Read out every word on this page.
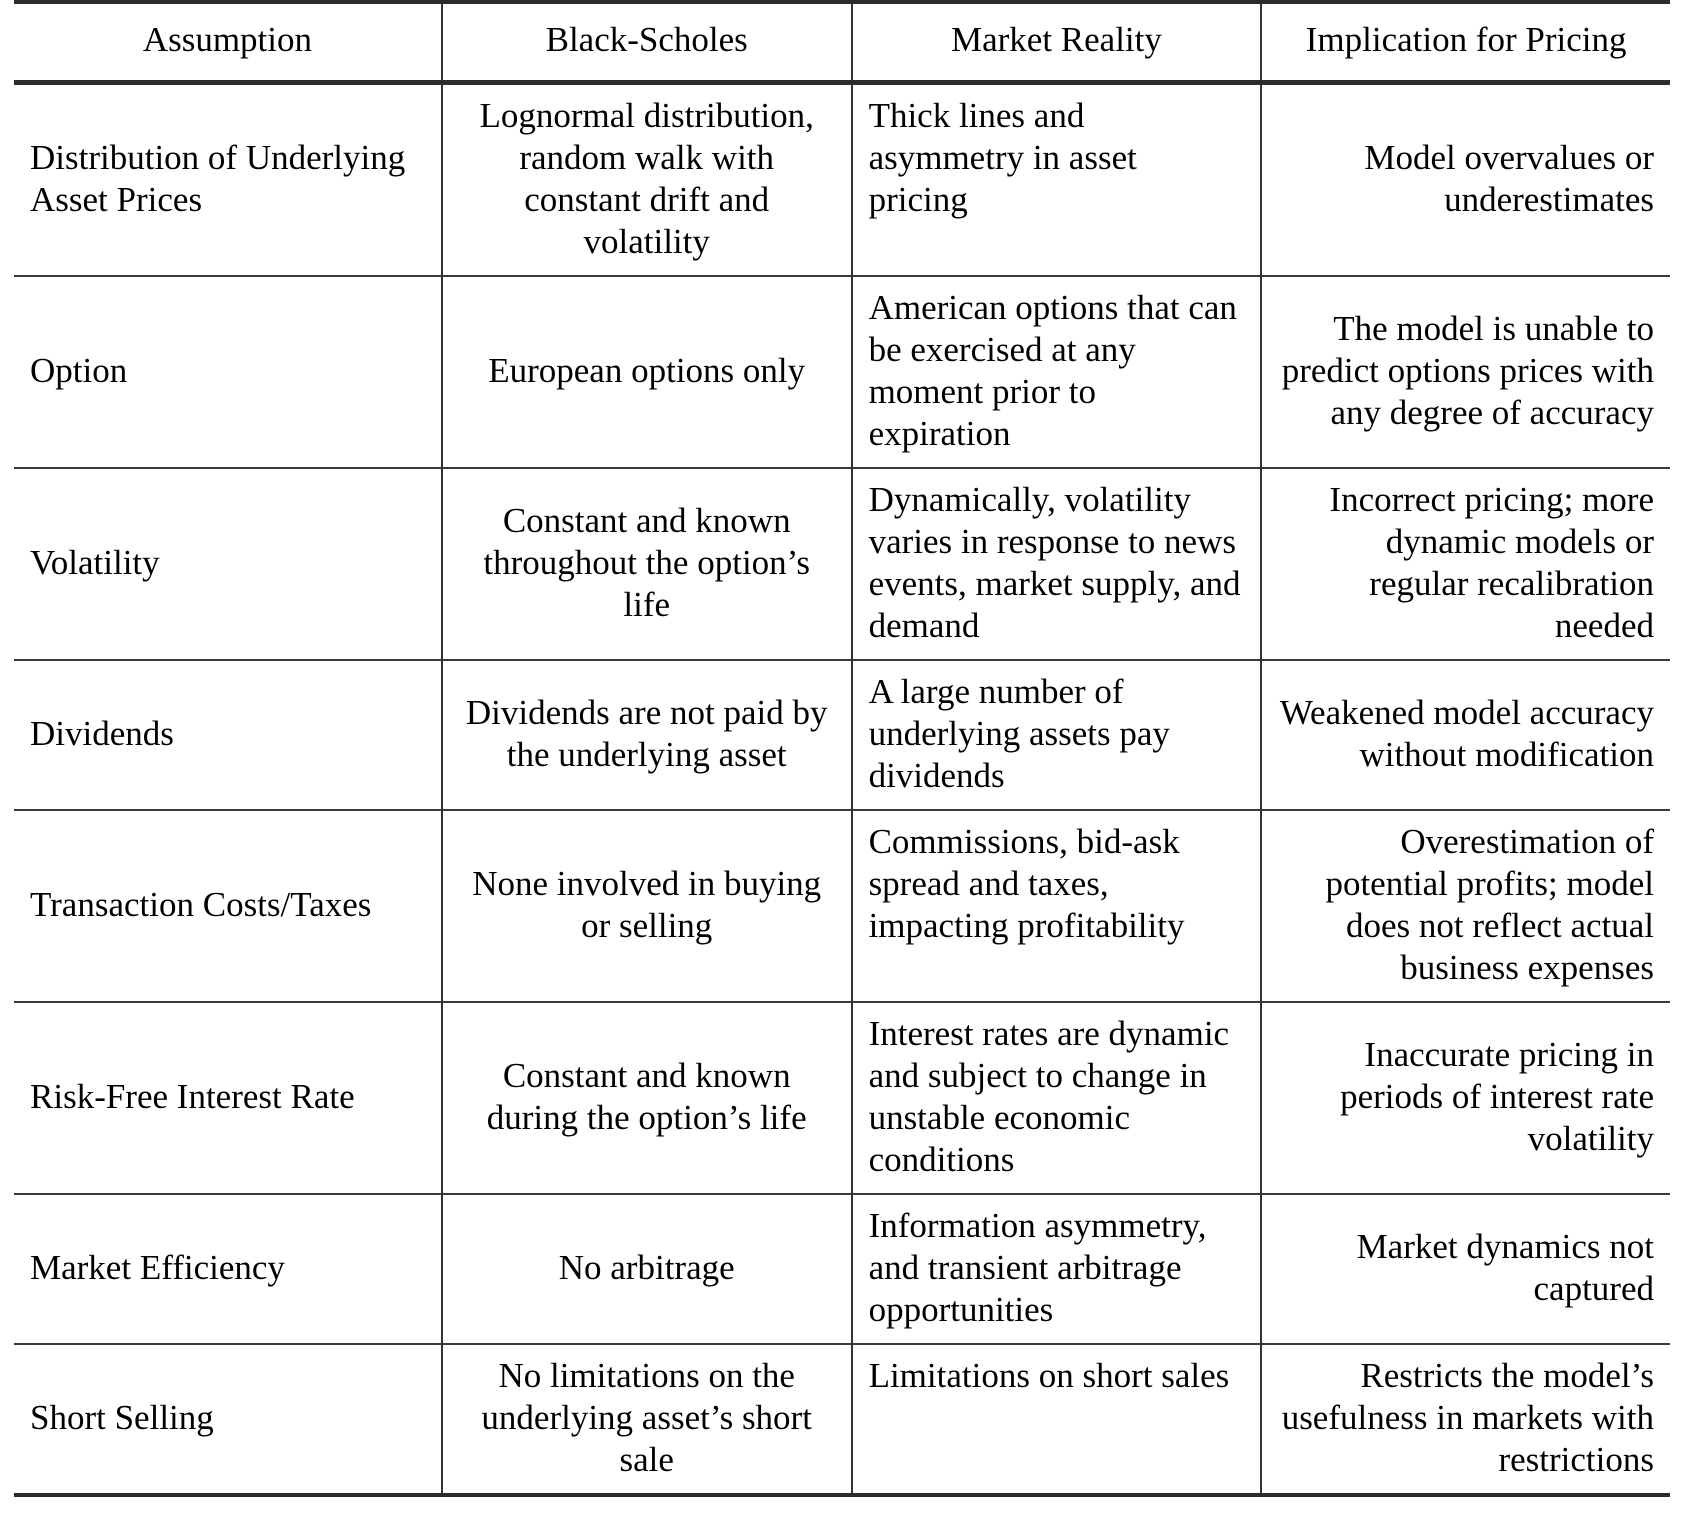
Assumption	Black-Scholes	Market Reality	Implication for Pricing
Distribution of Underlying Asset Prices	Lognormal distribution, random walk with constant drift and volatility	Thick lines and asymmetry in asset pricing	Model overvalues or underestimates
Option	European options only	American options that can be exercised at any moment prior to expiration	The model is unable to predict options prices with any degree of accuracy
Volatility	Constant and known throughout the option’s life	Dynamically, volatility varies in response to news events, market supply, and demand	Incorrect pricing; more dynamic models or regular recalibration needed
Dividends	Dividends are not paid by the underlying asset	A large number of underlying assets pay dividends	Weakened model accuracy without modification
Transaction Costs/Taxes	None involved in buying or selling	Commissions, bid-ask spread and taxes, impacting profitability	Overestimation of potential profits; model does not reflect actual business expenses
Risk-Free Interest Rate	Constant and known during the option’s life	Interest rates are dynamic and subject to change in unstable economic conditions	Inaccurate pricing in periods of interest rate volatility
Market Efficiency	No arbitrage	Information asymmetry, and transient arbitrage opportunities	Market dynamics not captured
Short Selling	No limitations on the underlying asset’s short sale	Limitations on short sales	Restricts the model’s usefulness in markets with restrictions
